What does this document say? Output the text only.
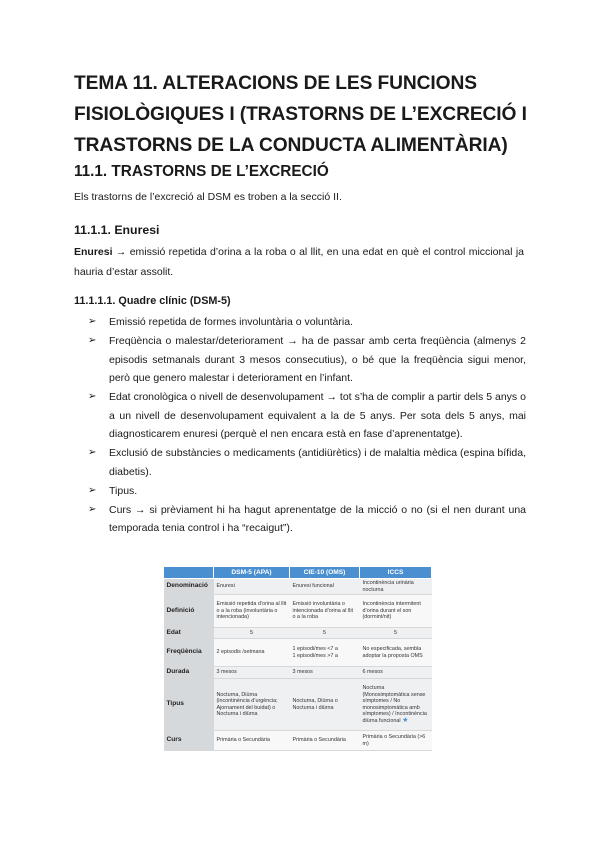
TEMA 11. ALTERACIONS DE LES FUNCIONS FISIOLÒGIQUES I (TRASTORNS DE L’EXCRECIÓ I TRASTORNS DE LA CONDUCTA ALIMENTÀRIA)
11.1. TRASTORNS DE L’EXCRECIÓ
Els trastorns de l’excreció al DSM es troben a la secció II.
11.1.1. Enuresi
Enuresi → emissió repetida d’orina a la roba o al llit, en una edat en què el control miccional ja hauria d’estar assolit.
11.1.1.1. Quadre clínic (DSM-5)
➢ Emissió repetida de formes involuntària o voluntària.
➢ Freqüència o malestar/deteriorament → ha de passar amb certa freqüència (almenys 2 episodis setmanals durant 3 mesos consecutius), o bé que la freqüència sigui menor, però que genero malestar i deteriorament en l’infant.
➢ Edat cronològica o nivell de desenvolupament → tot s’ha de complir a partir dels 5 anys o a un nivell de desenvolupament equivalent a la de 5 anys. Per sota dels 5 anys, mai diagnosticarem enuresi (perquè el nen encara està en fase d’aprenentatge).
➢ Exclusió de substàncies o medicaments (antidiürètics) i de malaltia mèdica (espina bífida, diabetis).
➢ Tipus.
➢ Curs → si prèviament hi ha hagut aprenentatge de la micció o no (si el nen durant una temporada tenia control i ha “recaigut”).
	DSM-5 (APA)	CIE-10 (OMS)	ICCS
Denominació	Enuresi	Enuresi funcional	Incontinència urinària nocturna
Definició	Emissió repetida d’orina al llit o a la roba (involuntària o intencionada)	Emissió involuntària o intencionada d’orina al llit o a la roba	Incontinència intermitent d’orina durant el son (dormint/nit)
Edat	5	5	5
Freqüència	2 episodis /setmana	1 episodi/mes <7 a
1 episodi/mes >7 a	No especificada, sembla adoptar la proposta OMS
Durada	3 mesos	3 mesos	6 mesos
Tipus	Nocturna, Diürna (incontinència d’urgència; Ajornament del buidat) o Nocturna i diürna	Nocturna, Diürna o Nocturna i diürna	Nocturna (Monosimptomàtica sense símptomes / No monosimptomàtica amb símptomes) / Incontinència diürna funcional ★
Curs	Primària o Secundària	Primària o Secundària	Primària o Secundària (>6 m)
